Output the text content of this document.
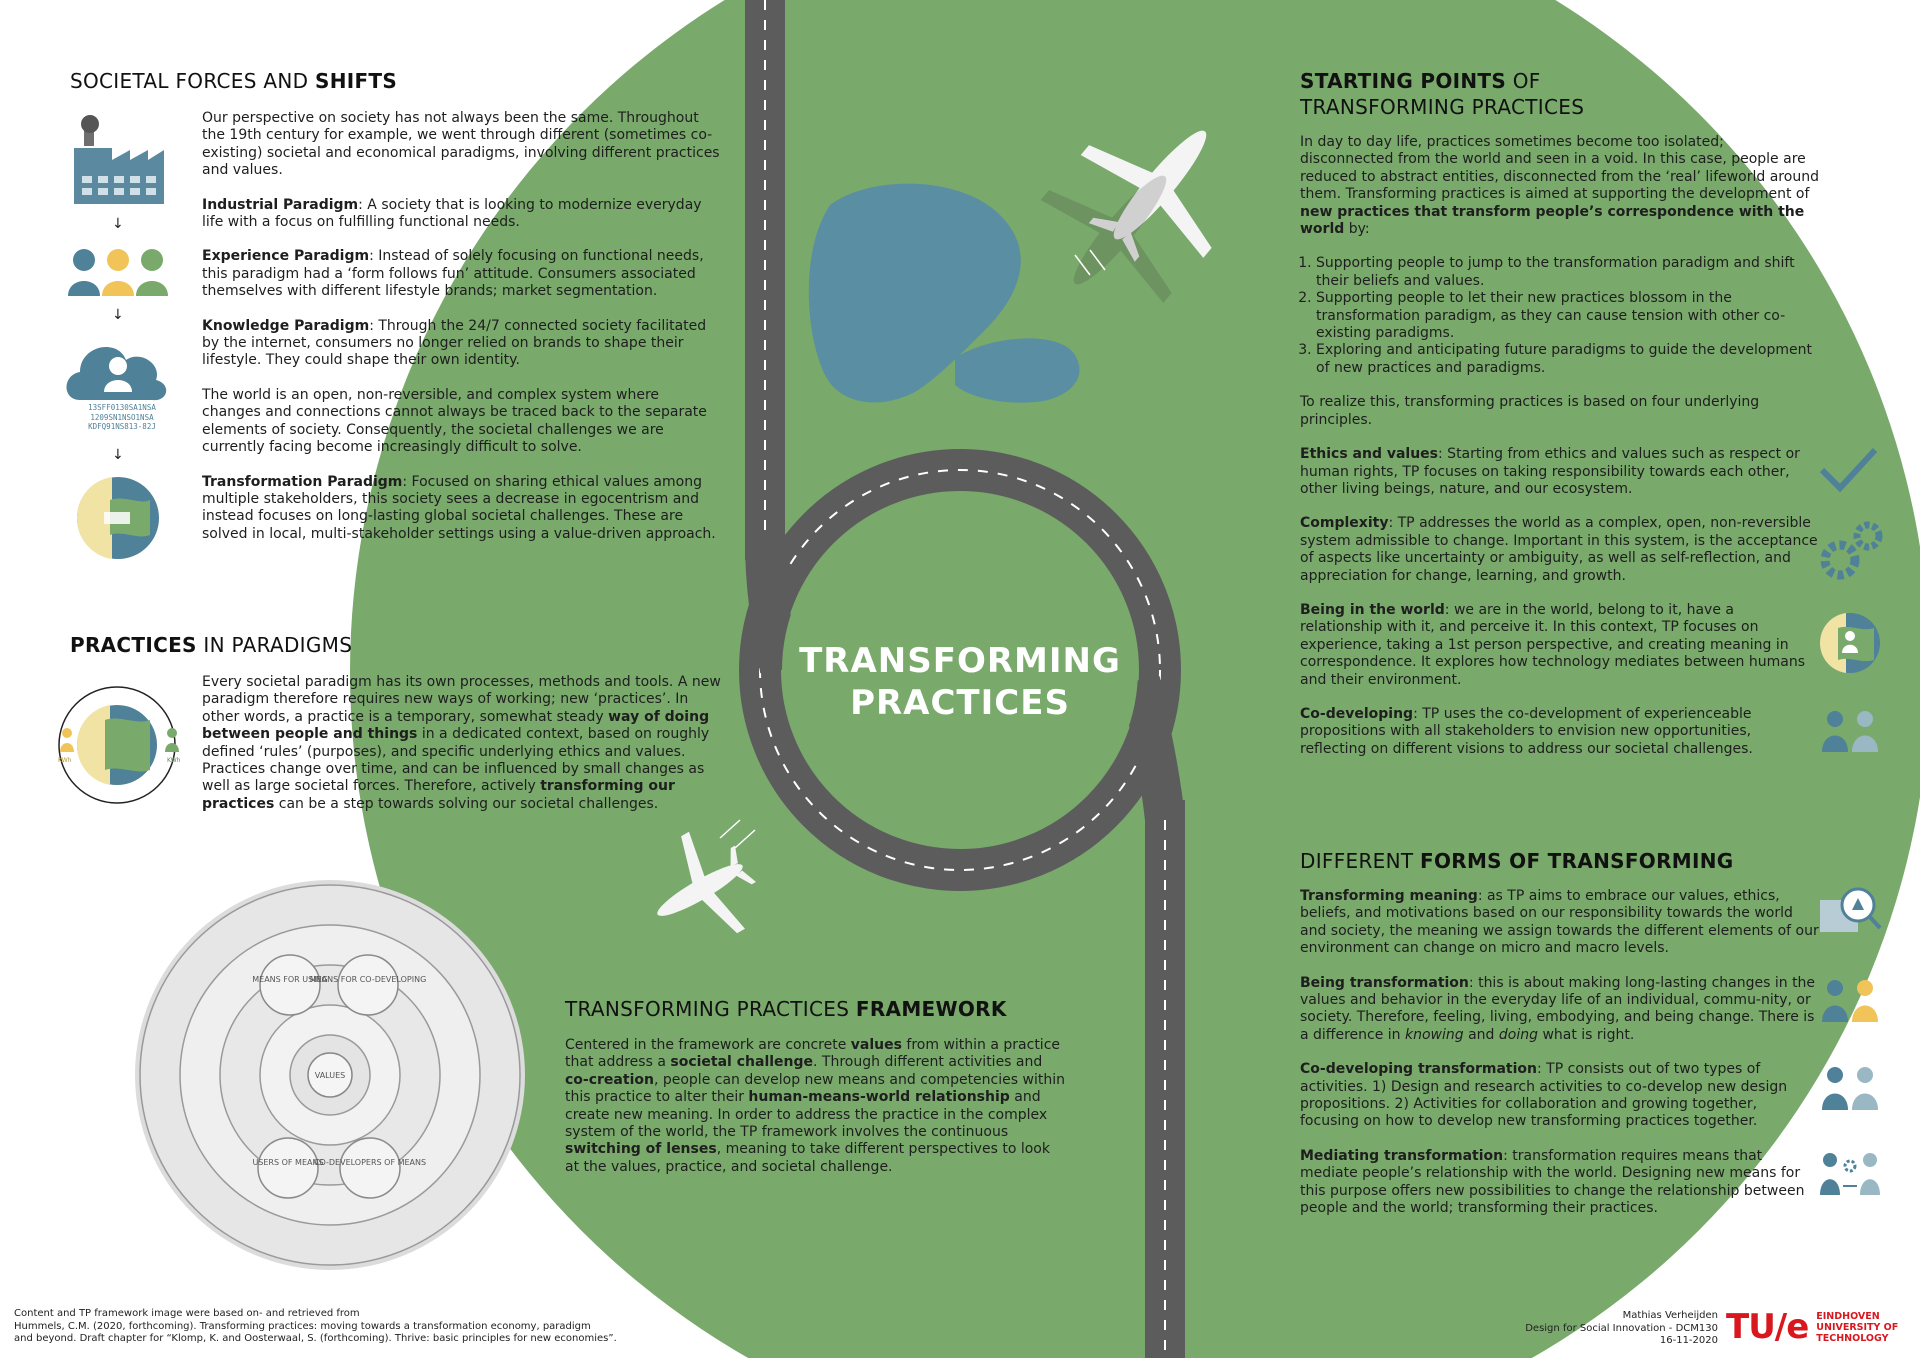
MEANS FOR USING
MEANS FOR CO-DEVELOPING
USERS OF MEANS
CO-DEVELOPERS OF MEANS
VALUES
↓
↓
↓
13SFF0130SA1NSA
1209SN1NSO1NSA
KDFQ91NS813-82J
KWh	KWh
TRANSFORMING
PRACTICES
SOCIETAL FORCES AND SHIFTS

Our perspective on society has not always been the same. Throughout the 19th century for example, we went through different (sometimes co-existing) societal and economical paradigms, involving different practices and values.

Industrial Paradigm: A society that is looking to modernize everyday life with a focus on fulfilling functional needs.

Experience Paradigm: Instead of solely focusing on functional needs, this paradigm had a ‘form follows fun’ attitude. Consumers associated themselves with different lifestyle brands; market segmentation.

Knowledge Paradigm: Through the 24/7 connected society facilitated by the internet, consumers no longer relied on brands to shape their lifestyle. They could shape their own identity.

The world is an open, non-reversible, and complex system where changes and connections cannot always be traced back to the separate elements of society. Consequently, the societal challenges we are currently facing become increasingly difficult to solve.

Transformation Paradigm: Focused on sharing ethical values among multiple stakeholders, this society sees a decrease in egocentrism and instead focuses on long-lasting global societal challenges. These are solved in local, multi-stakeholder settings using a value-driven approach.

PRACTICES IN PARADIGMS

Every societal paradigm has its own processes, methods and tools. A new paradigm therefore requires new ways of working; new ‘practices’. In other words, a practice is a temporary, somewhat steady way of doing between people and things in a dedicated context, based on roughly defined ‘rules’ (purposes), and specific underlying ethics and values. Practices change over time, and can be influenced by small changes as well as large societal forces. Therefore, actively transforming our practices can be a step towards solving our societal challenges.

TRANSFORMING PRACTICES FRAMEWORK

Centered in the framework are concrete values from within a practice that address a societal challenge. Through different activities and co-creation, people can develop new means and competencies within this practice to alter their human-means-world relationship and create new meaning. In order to address the practice in the complex system of the world, the TP framework involves the continuous switching of lenses, meaning to take different perspectives to look at the values, practice, and societal challenge.

STARTING POINTS OF
TRANSFORMING PRACTICES

In day to day life, practices sometimes become too isolated; disconnected from the world and seen in a void. In this case, people are reduced to abstract entities, disconnected from the ‘real’ lifeworld around them. Transforming practices is aimed at supporting the development of new practices that transform people’s correspondence with the world by:

1. Supporting people to jump to the transformation paradigm and shift their beliefs and values.
2. Supporting people to let their new practices blossom in the transformation paradigm, as they can cause tension with other co-existing paradigms.
3. Exploring and anticipating future paradigms to guide the development of new practices and paradigms.

To realize this, transforming practices is based on four underlying principles.

Ethics and values: Starting from ethics and values such as respect or human rights, TP focuses on taking responsibility towards each other, other living beings, nature, and our ecosystem.

Complexity: TP addresses the world as a complex, open, non-reversible system admissible to change. Important in this system, is the acceptance of aspects like uncertainty or ambiguity, as well as self-reflection, and appreciation for change, learning, and growth.

Being in the world: we are in the world, belong to it, have a relationship with it, and perceive it. In this context, TP focuses on experience, taking a 1st person perspective, and creating meaning in correspondence. It explores how technology mediates between humans and their environment.

Co-developing: TP uses the co-development of experienceable propositions with all stakeholders to envision new opportunities, reflecting on different visions to address our societal challenges.

DIFFERENT FORMS OF TRANSFORMING

Transforming meaning: as TP aims to embrace our values, ethics, beliefs, and motivations based on our responsibility towards the world and society, the meaning we assign towards the different elements of our environment can change on micro and macro levels.

Being transformation: this is about making long-lasting changes in the values and behavior in the everyday life of an individual, commu-nity, or society. Therefore, feeling, living, embodying, and being change. There is a difference in knowing and doing what is right.

Co-developing transformation: TP consists out of two types of activities. 1) Design and research activities to co-develop new design propositions. 2) Activities for collaboration and growing together, focusing on how to develop new transforming practices together.

Mediating transformation: transformation requires means that mediate people’s relationship with the world. Designing new means for this purpose offers new possibilities to change the relationship between people and the world; transforming their practices.

Content and TP framework image were based on- and retrieved from
Hummels, C.M. (2020, forthcoming). Transforming practices: moving towards a transformation economy, paradigm
and beyond. Draft chapter for “Klomp, K. and Oosterwaal, S. (forthcoming). Thrive: basic principles for new economies”.
Mathias Verheijden
Design for Social Innovation - DCM130
16-11-2020 TU/e EINDHOVEN
UNIVERSITY OF
TECHNOLOGY
